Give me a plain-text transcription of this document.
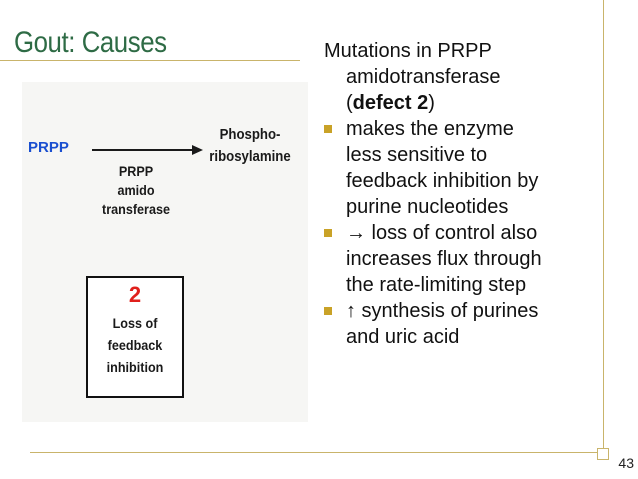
Gout: Causes
PRPP
Phospho-
ribosylamine
PRPP
amido
transferase
2
Loss of
feedback
inhibition

Mutations in PRPP
amidotransferase
(defect 2)

makes the enzyme
less sensitive to
feedback inhibition by
purine nucleotides
→ loss of control also
increases flux through
the rate-limiting step
↑ synthesis of purines
and uric acid
43
